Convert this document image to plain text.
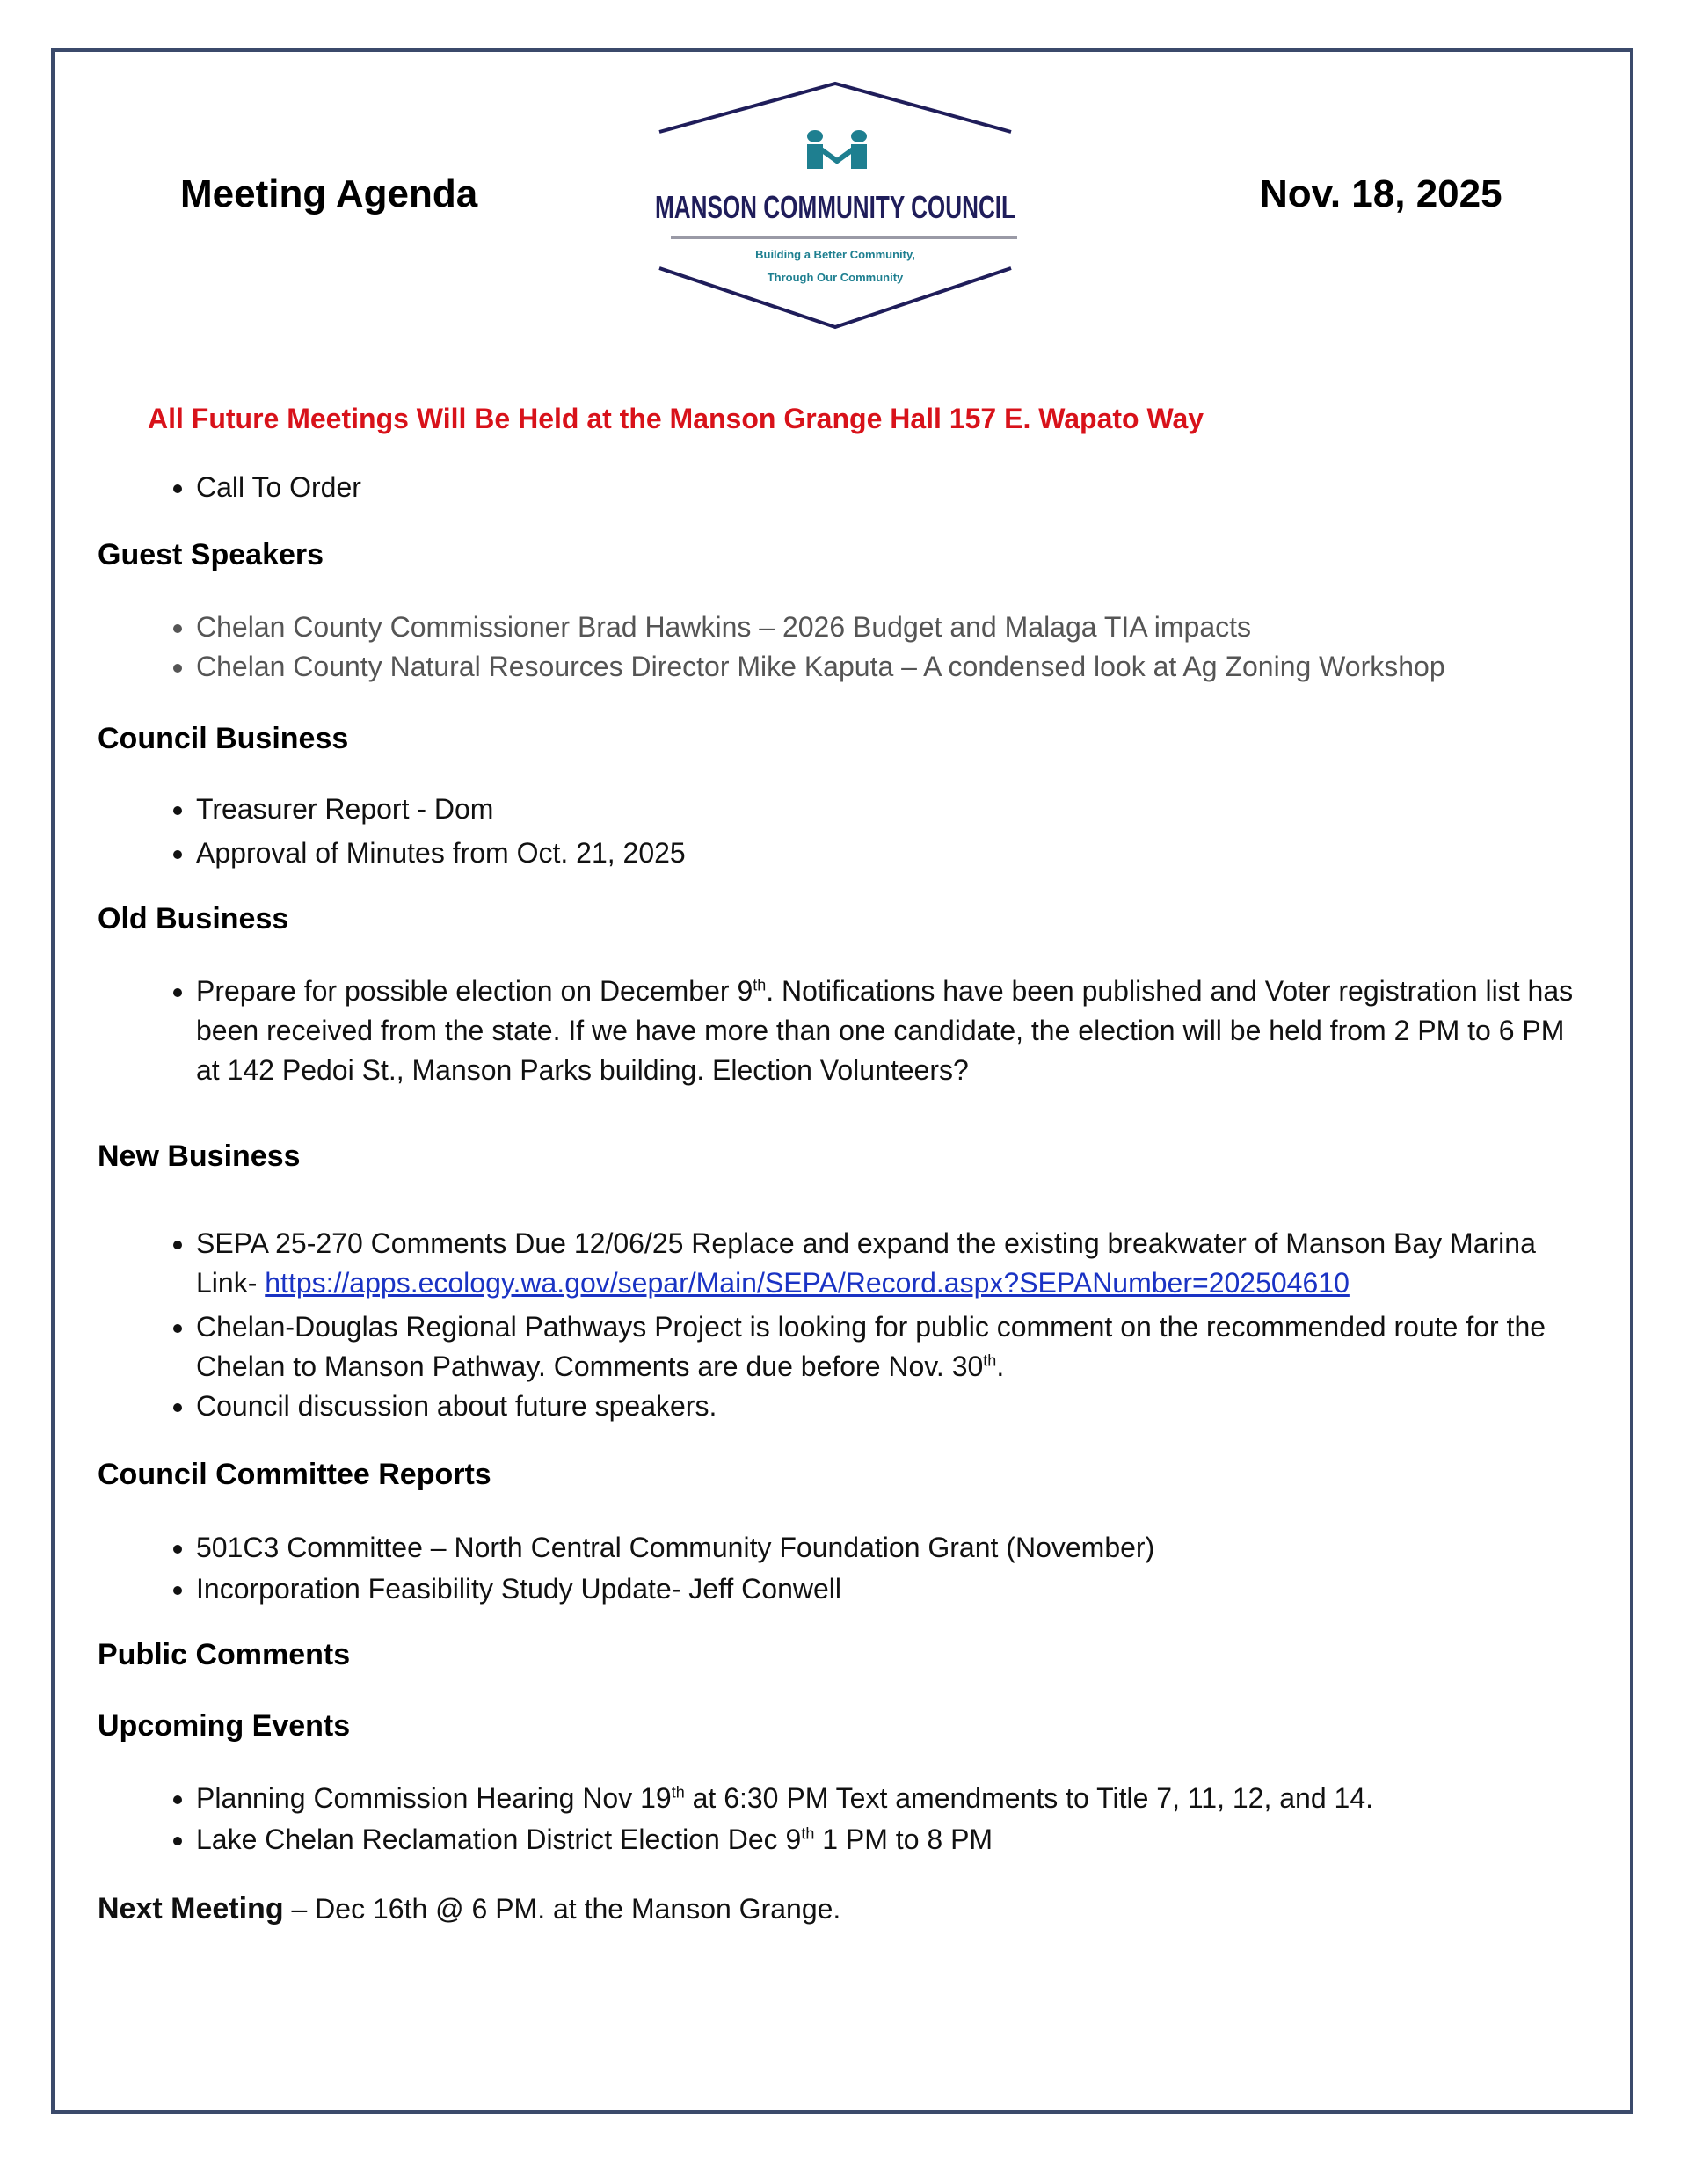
Meeting Agenda	Nov. 18, 2025
MANSON COMMUNITY COUNCIL
Building a Better Community,
Through Our Community
All Future Meetings Will Be Held at the Manson Grange Hall 157 E. Wapato Way
• Call To Order
Guest Speakers
• Chelan County Commissioner Brad Hawkins – 2026 Budget and Malaga TIA impacts
• Chelan County Natural Resources Director Mike Kaputa – A condensed look at Ag Zoning Workshop
Council Business
• Treasurer Report - Dom
• Approval of Minutes from Oct. 21, 2025
Old Business
• Prepare for possible election on December 9th. Notifications have been published and Voter registration list has been received from the state. If we have more than one candidate, the election will be held from 2 PM to 6 PM at 142 Pedoi St., Manson Parks building. Election Volunteers?
New Business
• SEPA 25-270 Comments Due 12/06/25 Replace and expand the existing breakwater of Manson Bay Marina Link- https://apps.ecology.wa.gov/separ/Main/SEPA/Record.aspx?SEPANumber=202504610
• Chelan-Douglas Regional Pathways Project is looking for public comment on the recommended route for the Chelan to Manson Pathway. Comments are due before Nov. 30th.
• Council discussion about future speakers.
Council Committee Reports
• 501C3 Committee – North Central Community Foundation Grant (November)
• Incorporation Feasibility Study Update- Jeff Conwell
Public Comments
Upcoming Events
• Planning Commission Hearing Nov 19th at 6:30 PM Text amendments to Title 7, 11, 12, and 14.
• Lake Chelan Reclamation District Election Dec 9th 1 PM to 8 PM
Next Meeting – Dec 16th @ 6 PM. at the Manson Grange.
